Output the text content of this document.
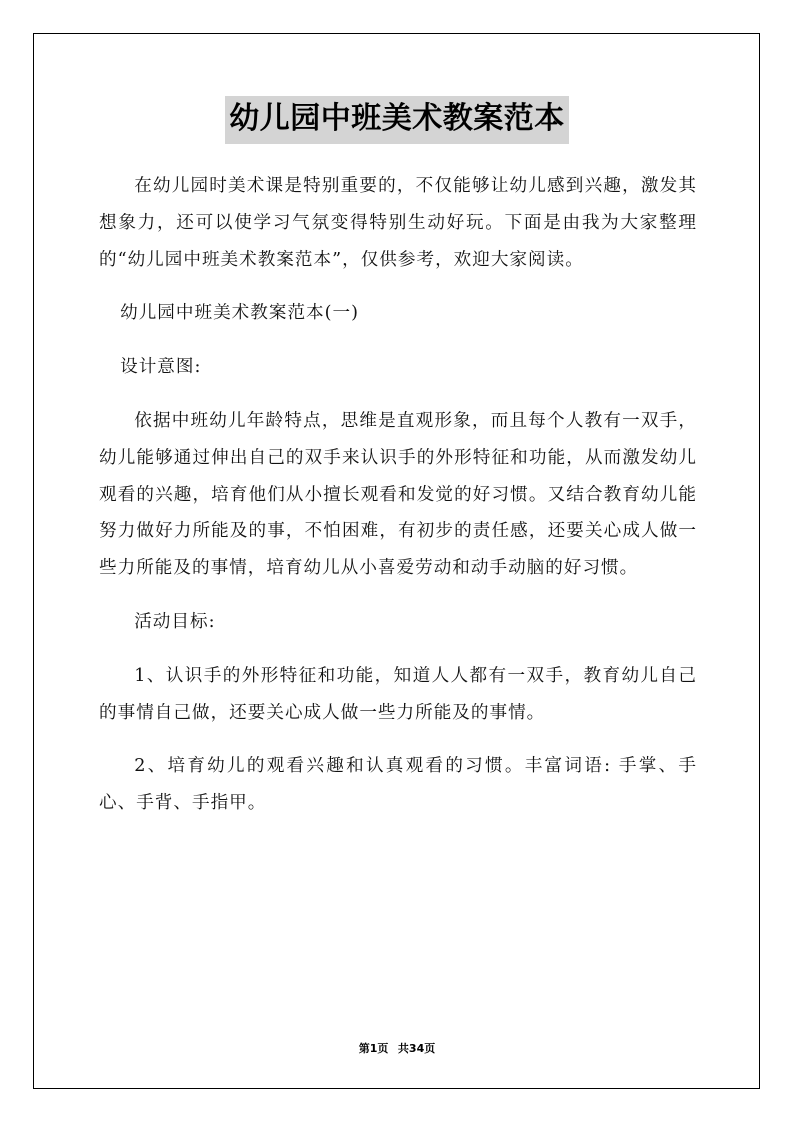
幼儿园中班美术教案范本

在幼儿园时美术课是特别重要的，不仅能够让幼儿感到兴趣，激发其想象力，还可以使学习气氛变得特别生动好玩。下面是由我为大家整理的“幼儿园中班美术教案范本”，仅供参考，欢迎大家阅读。

幼儿园中班美术教案范本(一)

设计意图:

依据中班幼儿年龄特点，思维是直观形象，而且每个人教有一双手，幼儿能够通过伸出自己的双手来认识手的外形特征和功能，从而激发幼儿观看的兴趣，培育他们从小擅长观看和发觉的好习惯。又结合教育幼儿能努力做好力所能及的事，不怕困难，有初步的责任感，还要关心成人做一些力所能及的事情，培育幼儿从小喜爱劳动和动手动脑的好习惯。

活动目标:

1、认识手的外形特征和功能，知道人人都有一双手，教育幼儿自己的事情自己做，还要关心成人做一些力所能及的事情。

2、培育幼儿的观看兴趣和认真观看的习惯。丰富词语: 手掌、手心、手背、手指甲。

第1页 共34页
